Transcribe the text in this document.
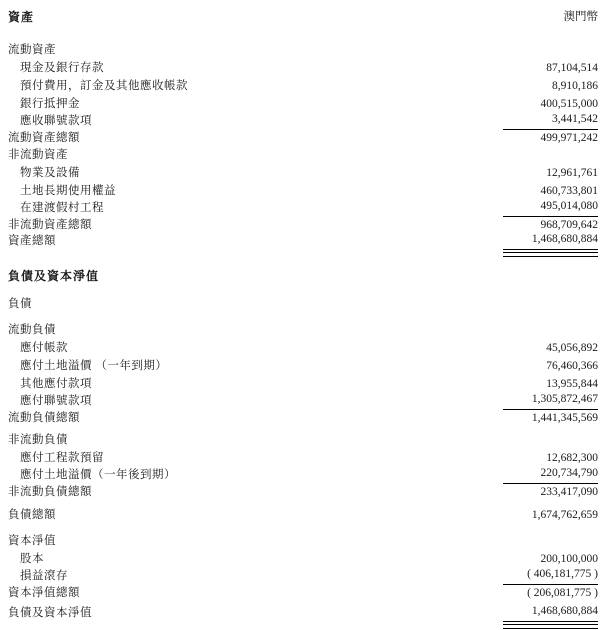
資產	澳門幣
流動資產
現金及銀行存款	87,104,514
預付費用，訂金及其他應收帳款	8,910,186
銀行抵押金	400,515,000
應收聯號款項	3,441,542
流動資產總額	499,971,242
非流動資產
物業及設備	12,961,761
土地長期使用權益	460,733,801
在建渡假村工程	495,014,080
非流動資產總額	968,709,642
資產總額	1,468,680,884
負債及資本淨值
負債
流動負債
應付帳款	45,056,892
應付土地溢價 （一年到期）	76,460,366
其他應付款項	13,955,844
應付聯號款項	1,305,872,467
流動負債總額	1,441,345,569
非流動負債
應付工程款預留	12,682,300
應付土地溢價（一年後到期）	220,734,790
非流動負債總額	233,417,090
負債總額	1,674,762,659
資本淨值
股本	200,100,000
損益滾存	( 406,181,775 )
資本淨值總額	( 206,081,775 )
負債及資本淨值	1,468,680,884
